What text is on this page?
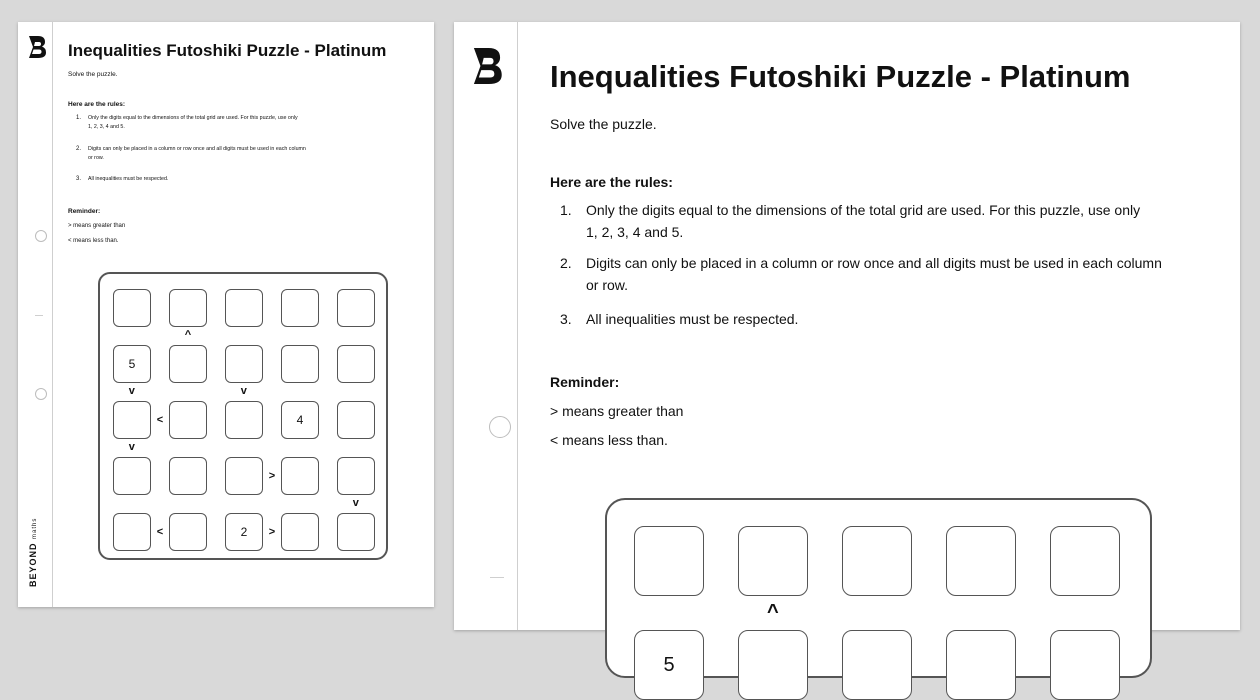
Inequalities Futoshiki Puzzle - Platinum
Solve the puzzle.
Here are the rules:
1. Only the digits equal to the dimensions of the total grid are used. For this puzzle, use only
1, 2, 3, 4 and 5.
2. Digits can only be placed in a column or row once and all digits must be used in each column
or row.
3. All inequalities must be respected.
Reminder:
> means greater than
< means less than.
5
4
2
<
>
<	>
^
v	v
v
v
BEYOND maths
Inequalities Futoshiki Puzzle - Platinum
Solve the puzzle.
Here are the rules:
1. Only the digits equal to the dimensions of the total grid are used. For this puzzle, use only
1, 2, 3, 4 and 5.
2. Digits can only be placed in a column or row once and all digits must be used in each column
or row.
3. All inequalities must be respected.
Reminder:
> means greater than
< means less than.
5
^
